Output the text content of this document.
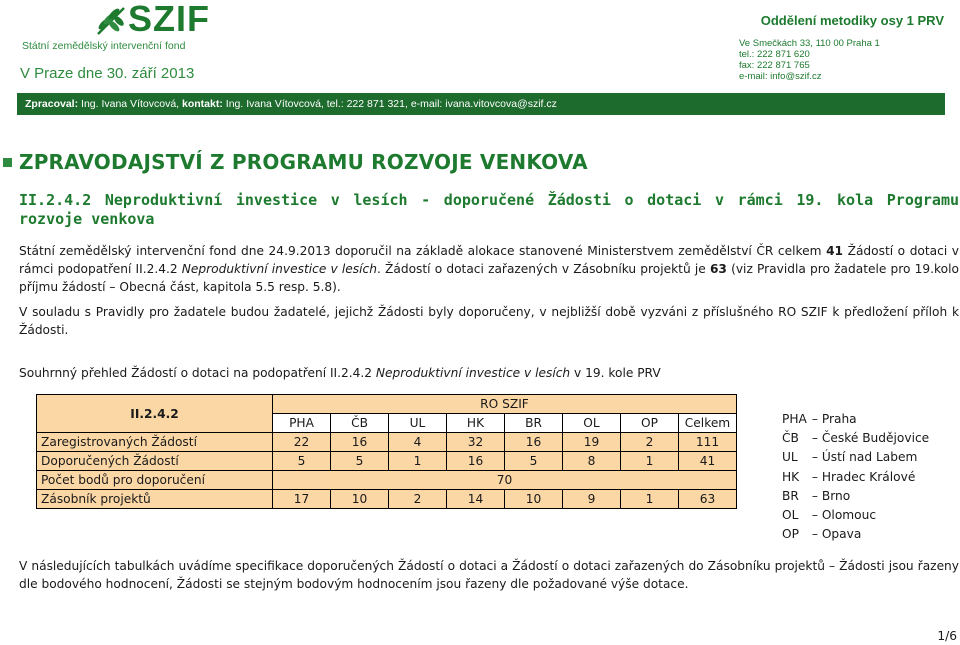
SZIF
Státní zemědělský intervenční fond
V Praze dne 30. září 2013
Oddělení metodiky osy 1 PRV
Ve Smečkách 33, 110 00 Praha 1
tel.: 222 871 620
fax: 222 871 765
e-mail: info@szif.cz
Zpracoval: Ing. Ivana Vítovcová, kontakt: Ing. Ivana Vítovcová, tel.: 222 871 321, e-mail: ivana.vitovcova@szif.cz
ZPRAVODAJSTVÍ Z PROGRAMU ROZVOJE VENKOVA
II.2.4.2 Neproduktivní investice v lesích - doporučené Žádosti o dotaci v rámci 19. kola Programu rozvoje venkova
Státní zemědělský intervenční fond dne 24.9.2013 doporučil na základě alokace stanovené Ministerstvem zemědělství ČR celkem 41 Žádostí o dotaci v rámci podopatření II.2.4.2 Neproduktivní investice v lesích. Žádostí o dotaci zařazených v Zásobníku projektů je 63 (viz Pravidla pro žadatele pro 19.kolo příjmu žádostí – Obecná část, kapitola 5.5 resp. 5.8).
V souladu s Pravidly pro žadatele budou žadatelé, jejichž Žádosti byly doporučeny, v nejbližší době vyzváni z příslušného RO SZIF k předložení příloh k Žádosti.
Souhrnný přehled Žádostí o dotaci na podopatření II.2.4.2 Neproduktivní investice v lesích v 19. kole PRV
II.2.4.2	RO SZIF							
	PHA	ČB	UL	HK	BR	OL	OP	Celkem
Zaregistrovaných Žádostí	22	16	4	32	16	19	2	111
Doporučených Žádostí	5	5	1	16	5	8	1	41
Počet bodů pro doporučení	70							
Zásobník projektů	17	10	2	14	10	9	1	63
PHA – Praha
ČB – České Budějovice
UL – Ústí nad Labem
HK – Hradec Králové
BR – Brno
OL – Olomouc
OP – Opava
V následujících tabulkách uvádíme specifikace doporučených Žádostí o dotaci a Žádostí o dotaci zařazených do Zásobníku projektů – Žádosti jsou řazeny dle bodového hodnocení, Žádosti se stejným bodovým hodnocením jsou řazeny dle požadované výše dotace.
1/6
